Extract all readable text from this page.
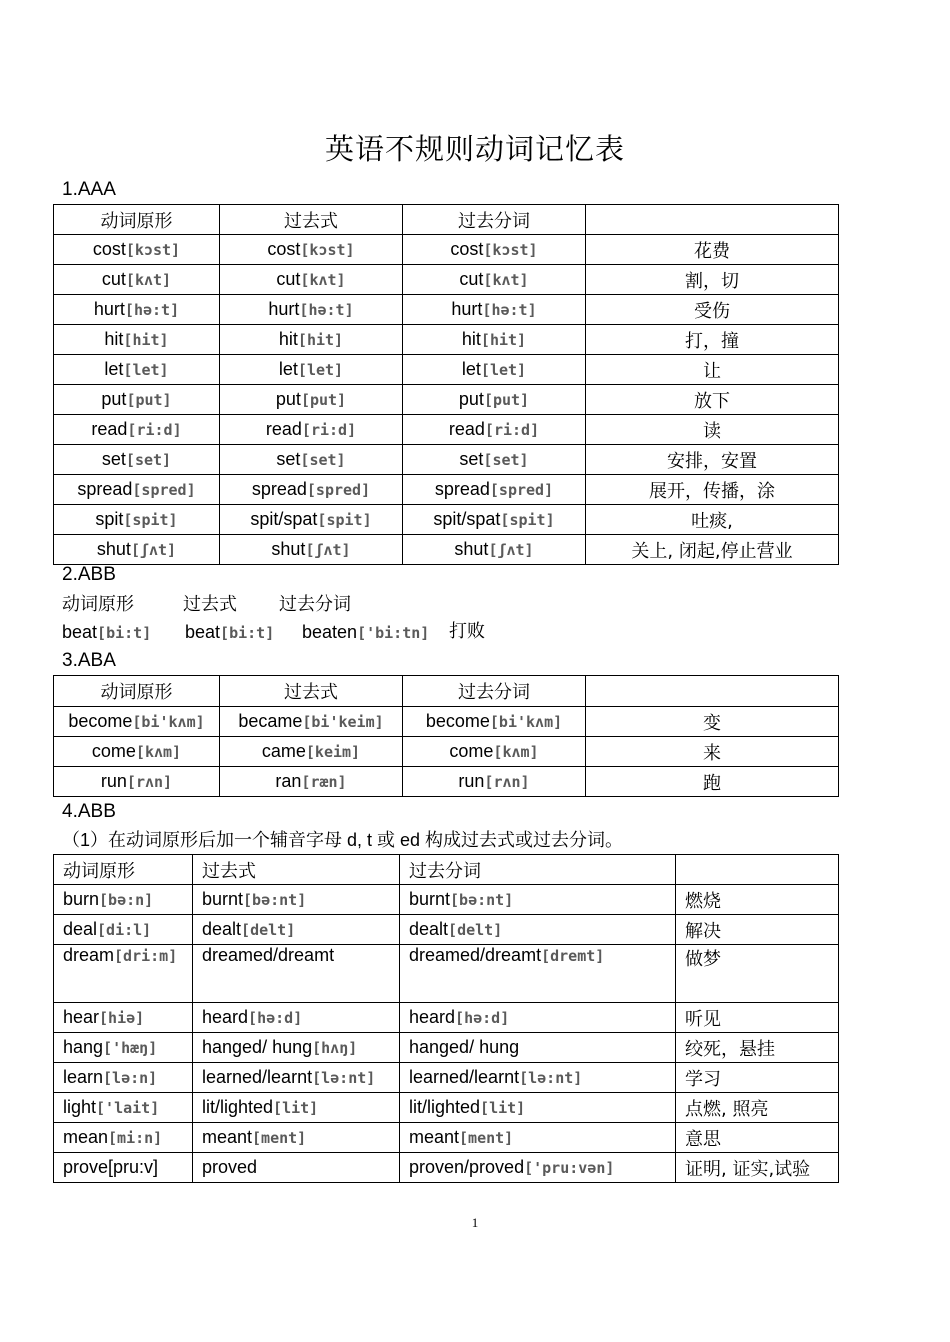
英语不规则动词记忆表
1.AAA
动词原形	过去式	过去分词	
cost[kɔst]	cost[kɔst]	cost[kɔst]	花费
cut[kʌt]	cut[kʌt]	cut[kʌt]	割，切
hurt[hə:t]	hurt[hə:t]	hurt[hə:t]	受伤
hit[hit]	hit[hit]	hit[hit]	打，撞
let[let]	let[let]	let[let]	让
put[put]	put[put]	put[put]	放下
read[ri:d]	read[ri:d]	read[ri:d]	读
set[set]	set[set]	set[set]	安排，安置
spread[spred]	spread[spred]	spread[spred]	展开，传播，涂
spit[spit]	spit/spat[spit]	spit/spat[spit]	吐痰,
shut[ʃʌt]	shut[ʃʌt]	shut[ʃʌt]	关上, 闭起,停止营业
2.ABB
动词原形	过去式 过去分词
beat[bi:t] beat[bi:t] beaten['bi:tn] 打败
3.ABA
动词原形	过去式	过去分词	
become[bi'kʌm]	became[bi'keim]	become[bi'kʌm]	变
come[kʌm]	came[keim]	come[kʌm]	来
run[rʌn]	ran[ræn]	run[rʌn]	跑
4.ABB
（1）在动词原形后加一个辅音字母 d, t 或 ed 构成过去式或过去分词。
动词原形	过去式	过去分词	
burn[bə:n]	burnt[bə:nt]	burnt[bə:nt]	燃烧
deal[di:l]	dealt[delt]	dealt[delt]	解决
dream[dri:m]	dreamed/dreamt	dreamed/dreamt[dremt]	做梦
hear[hiə]	heard[hə:d]	heard[hə:d]	听见
hang['hæŋ]	hanged/ hung[hʌŋ]	hanged/ hung	绞死，悬挂
learn[lə:n]	learned/learnt[lə:nt]	learned/learnt[lə:nt]	学习
light['lait]	lit/lighted[lit]	lit/lighted[lit]	点燃, 照亮
mean[mi:n]	meant[ment]	meant[ment]	意思
prove[pru:v]	proved	proven/proved['pru:vən]	证明, 证实,试验
1
